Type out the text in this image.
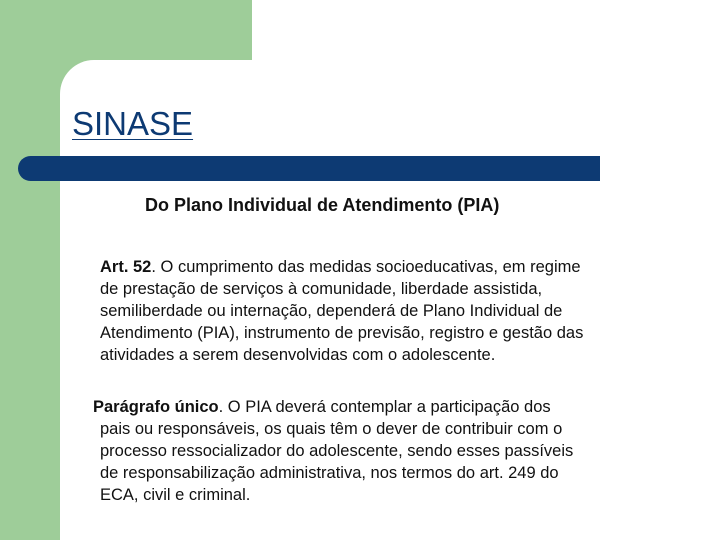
SINASE

Do Plano Individual de Atendimento (PIA)

Art. 52. O cumprimento das medidas socioeducativas, em regime
de prestação de serviços à comunidade, liberdade assistida,
semiliberdade ou internação, dependerá de Plano Individual de
Atendimento (PIA), instrumento de previsão, registro e gestão das
atividades a serem desenvolvidas com o adolescente.

Parágrafo único. O PIA deverá contemplar a participação dos
pais ou responsáveis, os quais têm o dever de contribuir com o
processo ressocializador do adolescente, sendo esses passíveis
de responsabilização administrativa, nos termos do art. 249 do
ECA, civil e criminal.
